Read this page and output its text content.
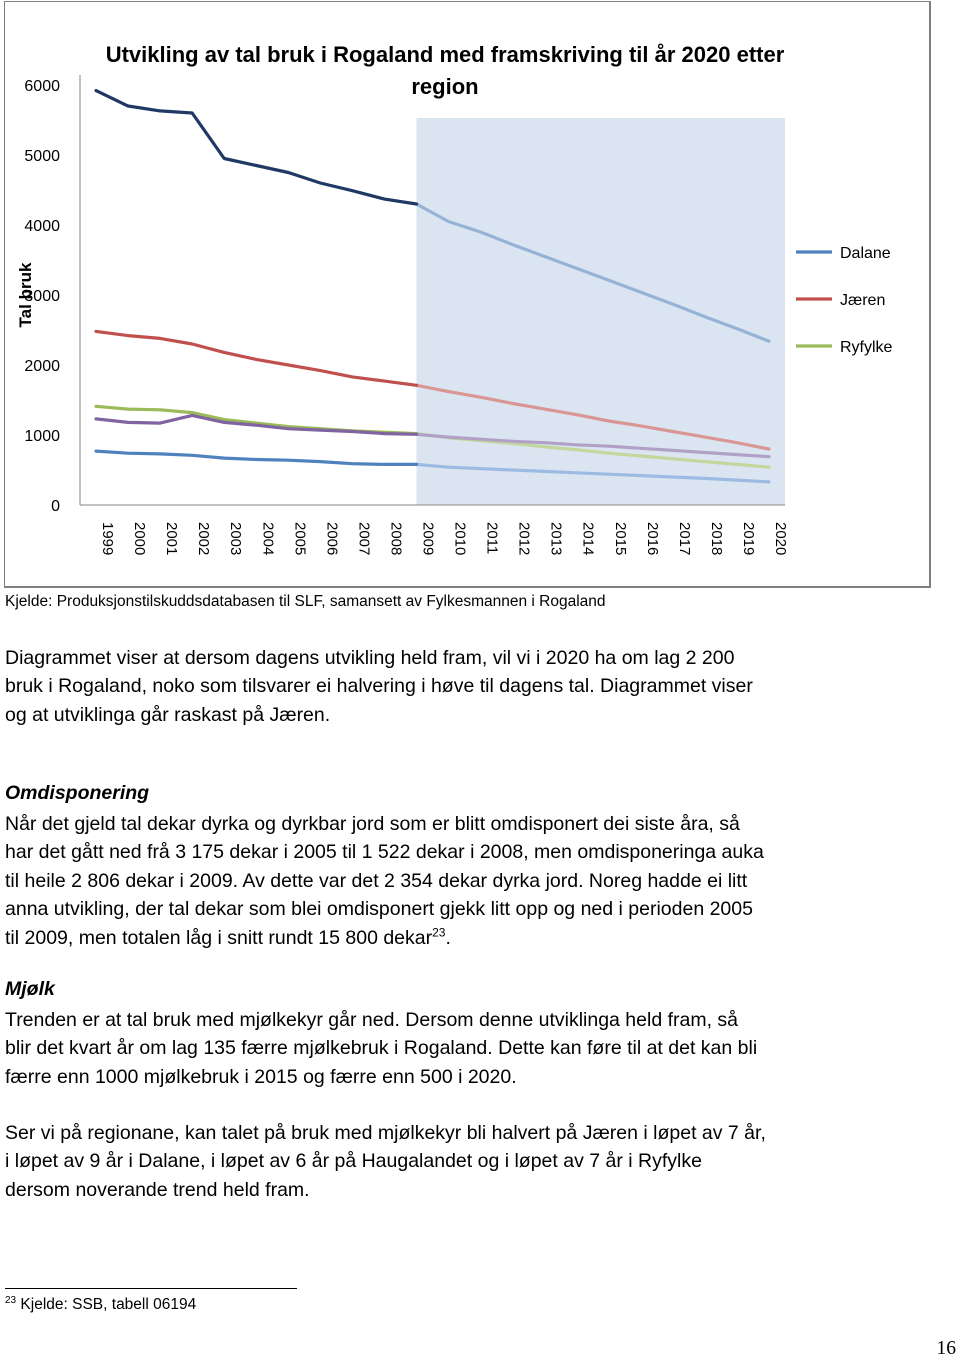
Utvikling av tal bruk i Rogaland med framskriving til år 2020 etter
region
Tal bruk
0
1000
2000
3000
4000
5000
6000
1999 2000 2001 2002 2003 2004 2005 2006 2007 2008 2009 2010 2011 2012 2013 2014 2015 2016 2017 2018 2019 2020
Dalane
Jæren
Ryfylke
Kjelde: Produksjonstilskuddsdatabasen til SLF, samansett av Fylkesmannen i Rogaland

Diagrammet viser at dersom dagens utvikling held fram, vil vi i 2020 ha om lag 2 200
bruk i Rogaland, noko som tilsvarer ei halvering i høve til dagens tal. Diagrammet viser
og at utviklinga går raskast på Jæren.

Omdisponering

Når det gjeld tal dekar dyrka og dyrkbar jord som er blitt omdisponert dei siste åra, så
har det gått ned frå 3 175 dekar i 2005 til 1 522 dekar i 2008, men omdisponeringa auka
til heile 2 806 dekar i 2009. Av dette var det 2 354 dekar dyrka jord. Noreg hadde ei litt
anna utvikling, der tal dekar som blei omdisponert gjekk litt opp og ned i perioden 2005
til 2009, men totalen låg i snitt rundt 15 800 dekar$^{23}$.

Mjølk

Trenden er at tal bruk med mjølkekyr går ned. Dersom denne utviklinga held fram, så
blir det kvart år om lag 135 færre mjølkebruk i Rogaland. Dette kan føre til at det kan bli
færre enn 1000 mjølkebruk i 2015 og færre enn 500 i 2020.

Ser vi på regionane, kan talet på bruk med mjølkekyr bli halvert på Jæren i løpet av 7 år,
i løpet av 9 år i Dalane, i løpet av 6 år på Haugalandet og i løpet av 7 år i Ryfylke
dersom noverande trend held fram.

$^{23}$ Kjelde: SSB, tabell 06194
16
